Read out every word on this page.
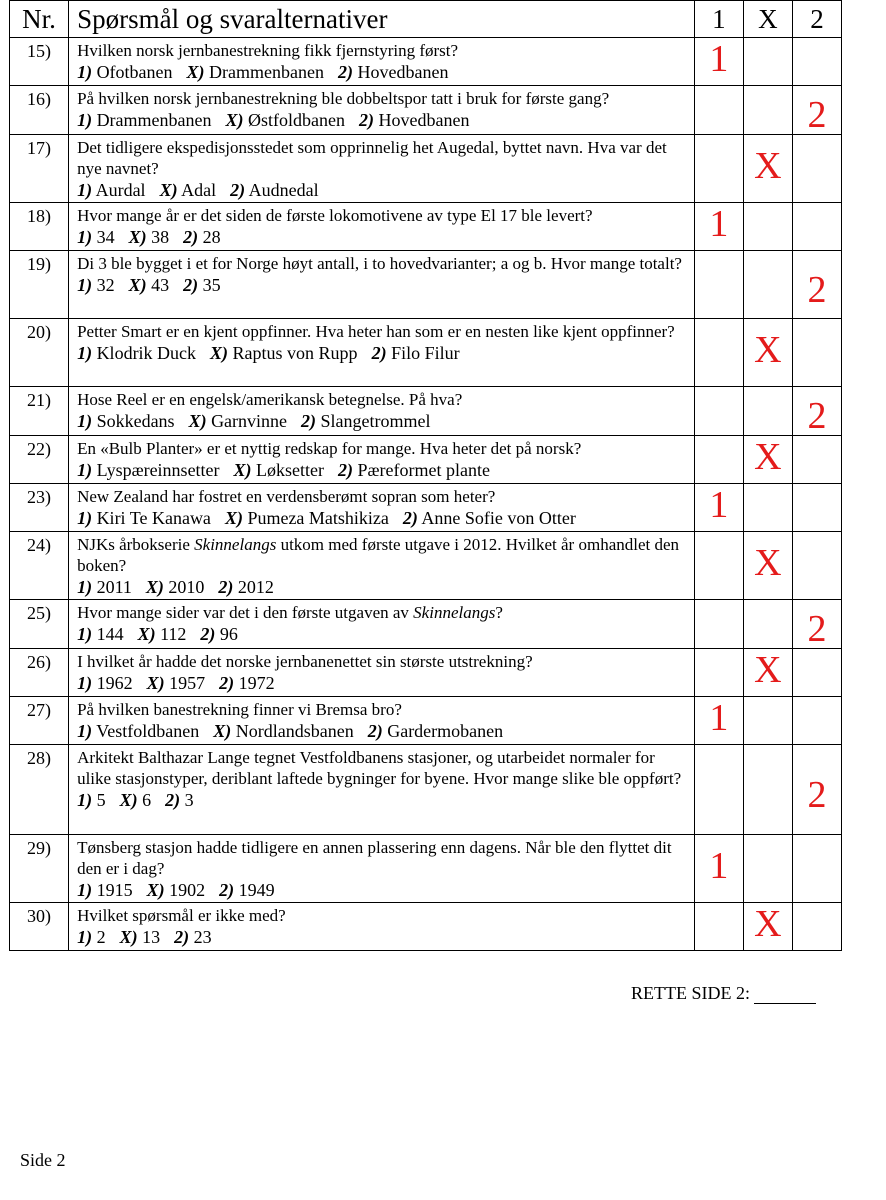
Nr.	Spørsmål og svaralternativer	1	X	2
15)	Hvilken norsk jernbanestrekning fikk fjernstyring først?
1) Ofotbanen X) Drammenbanen 2) Hovedbanen	1		
16)	På hvilken norsk jernbanestrekning ble dobbeltspor tatt i bruk for første gang?
1) Drammenbanen X) Østfoldbanen 2) Hovedbanen			2
17)	Det tidligere ekspedisjonsstedet som opprinnelig het Augedal, byttet navn. Hva var det nye navnet?
1) Aurdal X) Adal 2) Audnedal		X	
18)	Hvor mange år er det siden de første lokomotivene av type El 17 ble levert?
1) 34 X) 38 2) 28	1		
19)	Di 3 ble bygget i et for Norge høyt antall, i to hovedvarianter; a og b. Hvor mange totalt?
1) 32 X) 43 2) 35			2
20)	Petter Smart er en kjent oppfinner. Hva heter han som er en nesten like kjent oppfinner?
1) Klodrik Duck X) Raptus von Rupp 2) Filo Filur		X	
21)	Hose Reel er en engelsk/amerikansk betegnelse. På hva?
1) Sokkedans X) Garnvinne 2) Slangetrommel			2
22)	En «Bulb Planter» er et nyttig redskap for mange. Hva heter det på norsk?
1) Lyspæreinnsetter X) Løksetter 2) Pæreformet plante		X	
23)	New Zealand har fostret en verdensberømt sopran som heter?
1) Kiri Te Kanawa X) Pumeza Matshikiza 2) Anne Sofie von Otter	1		
24)	NJKs årbokserie Skinnelangs utkom med første utgave i 2012. Hvilket år omhandlet den boken?
1) 2011 X) 2010 2) 2012		X	
25)	Hvor mange sider var det i den første utgaven av Skinnelangs?
1) 144 X) 112 2) 96			2
26)	I hvilket år hadde det norske jernbanenettet sin største utstrekning?
1) 1962 X) 1957 2) 1972		X	
27)	På hvilken banestrekning finner vi Bremsa bro?
1) Vestfoldbanen X) Nordlandsbanen 2) Gardermobanen	1		
28)	Arkitekt Balthazar Lange tegnet Vestfoldbanens stasjoner, og utarbeidet normaler for ulike stasjonstyper, deriblant laftede bygninger for byene. Hvor mange slike ble oppført?
1) 5 X) 6 2) 3			2
29)	Tønsberg stasjon hadde tidligere en annen plassering enn dagens. Når ble den flyttet dit den er i dag?
1) 1915 X) 1902 2) 1949	1		
30)	Hvilket spørsmål er ikke med?
1) 2 X) 13 2) 23		X	
RETTE SIDE 2:
Side 2
